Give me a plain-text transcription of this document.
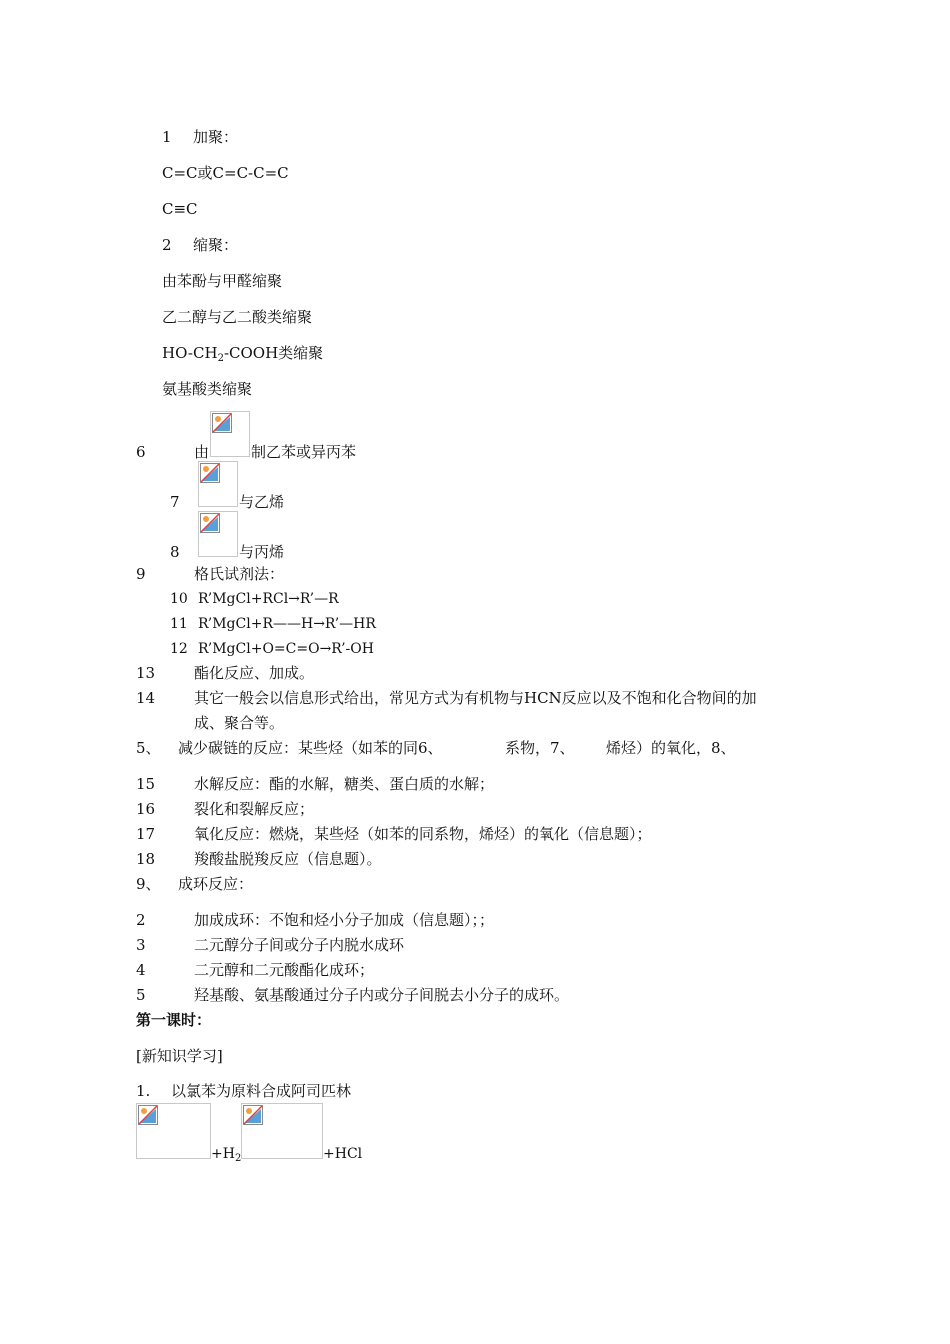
1 加聚：
C=C或C=C-C=C
C≡C
2 缩聚：
由苯酚与甲醛缩聚
乙二醇与乙二酸类缩聚
$HO-CH_2$-COOH类缩聚
氨基酸类缩聚
6	由	制乙苯或异丙苯
7	与乙烯
8	与丙烯
9	格氏试剂法：
10 R’MgCl+RCl→R’—R
11 R’MgCl+R——H→R’—HR
12 R’MgCl+O=C=O→R’-OH
13	酯化反应、加成。
14	其它一般会以信息形式给出，常见方式为有机物与HCN反应以及不饱和化合物间的加
成、聚合等。
5、 减少碳链的反应：某些烃（如苯的同6、	系物，7、 烯烃）的氧化，8、
15	水解反应：酯的水解，糖类、蛋白质的水解；
16	裂化和裂解反应；
17	氧化反应：燃烧，某些烃（如苯的同系物，烯烃）的氧化（信息题）；
18	羧酸盐脱羧反应（信息题）。
9、 成环反应：
2	加成成环：不饱和烃小分子加成（信息题）；；
3	二元醇分子间或分子内脱水成环
4	二元醇和二元酸酯化成环；
5	羟基酸、氨基酸通过分子内或分子间脱去小分子的成环。
第一课时：
[新知识学习]
1. 以氯苯为原料合成阿司匹林
$+H_2$	+HCl
